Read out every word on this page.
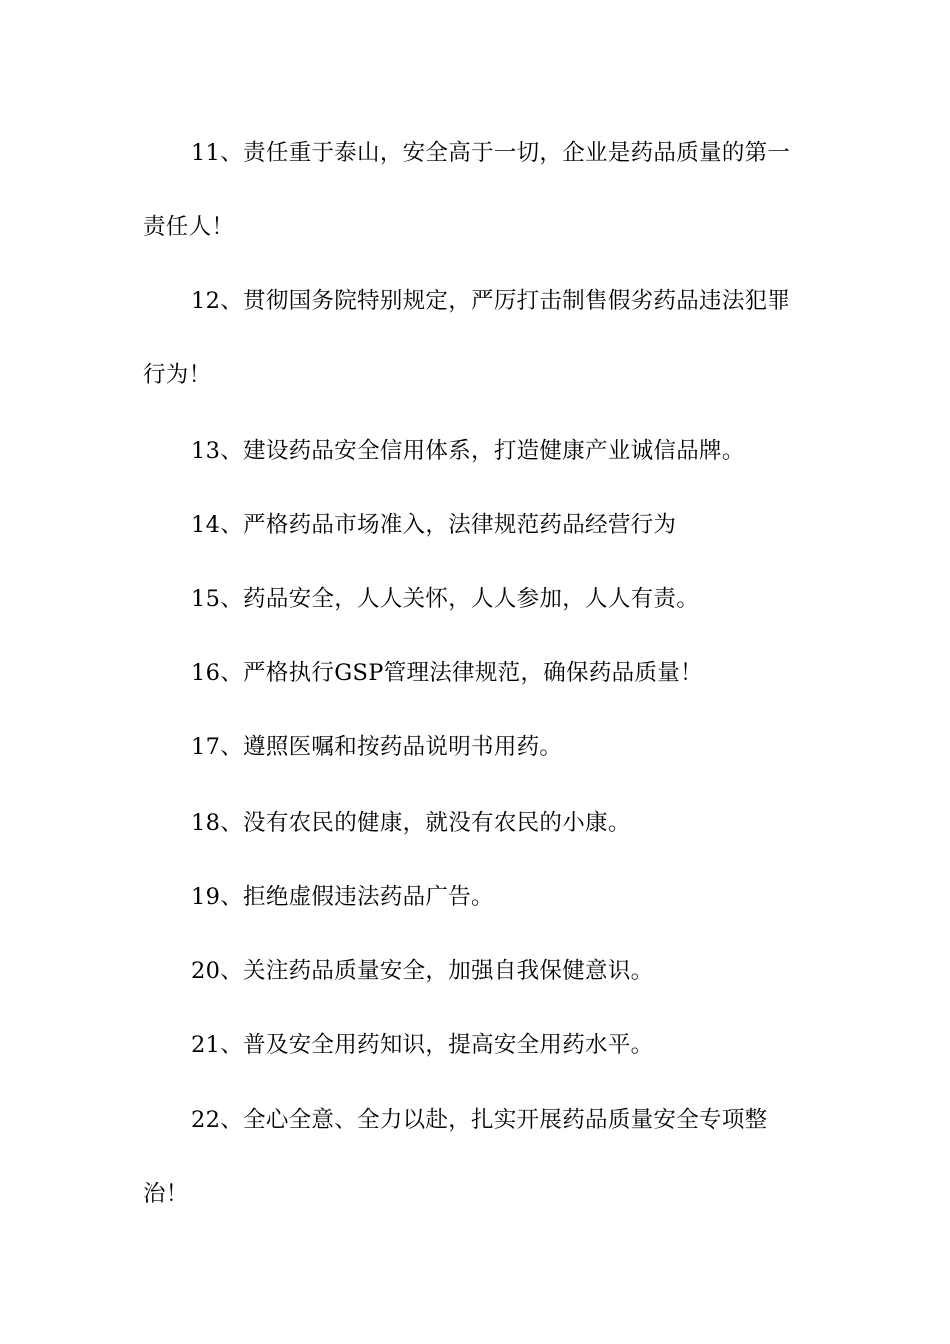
11、责任重于泰山，安全高于一切，企业是药品质量的第一责任人！

12、贯彻国务院特别规定，严厉打击制售假劣药品违法犯罪行为！

13、建设药品安全信用体系，打造健康产业诚信品牌。

14、严格药品市场准入，法律规范药品经营行为

15、药品安全，人人关怀，人人参加，人人有责。

16、严格执行GSP管理法律规范，确保药品质量！

17、遵照医嘱和按药品说明书用药。

18、没有农民的健康，就没有农民的小康。

19、拒绝虚假违法药品广告。

20、关注药品质量安全，加强自我保健意识。

21、普及安全用药知识，提高安全用药水平。

22、全心全意、全力以赴，扎实开展药品质量安全专项整治！
